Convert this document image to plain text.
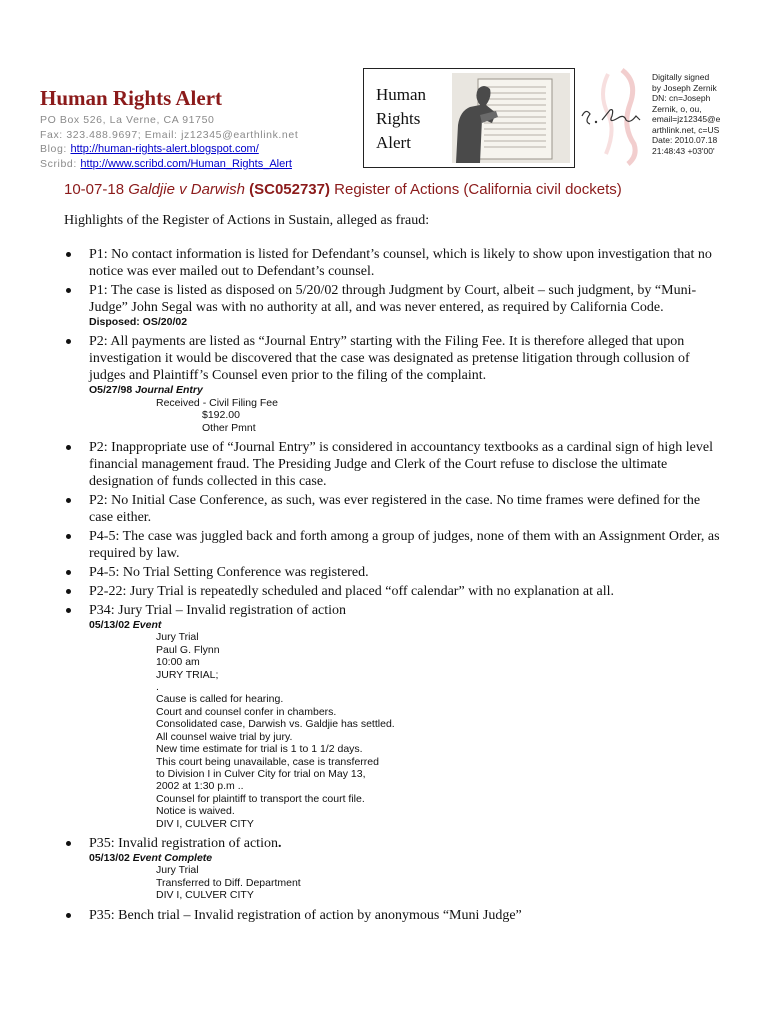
Human Rights Alert
PO Box 526, La Verne, CA 91750
Fax: 323.488.9697; Email: jz12345@earthlink.net
Blog: http://human-rights-alert.blogspot.com/
Scribd: http://www.scribd.com/Human_Rights_Alert
Human
Rights
Alert
Digitally signed
by Joseph Zernik
DN: cn=Joseph
Zernik, o, ou,
email=jz12345@e
arthlink.net, c=US
Date: 2010.07.18
21:48:43 +03'00'
10-07-18 Galdjie v Darwish (SC052737) Register of Actions (California civil dockets)
Highlights of the Register of Actions in Sustain, alleged as fraud:
P1: No contact information is listed for Defendant’s counsel, which is likely to show upon investigation that no notice was ever mailed out to Defendant’s counsel.
P1: The case is listed as disposed on 5/20/02 through Judgment by Court, albeit – such judgment, by “Muni-Judge” John Segal was with no authority at all, and was never entered, as required by California Code.
Disposed: OS/20/02
P2: All payments are listed as “Journal Entry” starting with the Filing Fee. It is therefore alleged that upon investigation it would be discovered that the case was designated as pretense litigation through collusion of judges and Plaintiff’s Counsel even prior to the filing of the complaint.
O5/27/98 Journal Entry
Received - Civil Filing Fee
$192.00
Other Pmnt
P2: Inappropriate use of “Journal Entry” is considered in accountancy textbooks as a cardinal sign of high level financial management fraud. The Presiding Judge and Clerk of the Court refuse to disclose the ultimate designation of funds collected in this case.
P2: No Initial Case Conference, as such, was ever registered in the case. No time frames were defined for the case either.
P4-5: The case was juggled back and forth among a group of judges, none of them with an Assignment Order, as required by law.
P4-5: No Trial Setting Conference was registered.
P2-22: Jury Trial is repeatedly scheduled and placed “off calendar” with no explanation at all.
P34: Jury Trial – Invalid registration of action
05/13/02 Event
Jury Trial
Paul G. Flynn
10:00 am
JURY TRIAL;
.
Cause is called for hearing.
Court and counsel confer in chambers.
Consolidated case, Darwish vs. Galdjie has settled.
All counsel waive trial by jury.
New time estimate for trial is 1 to 1 1/2 days.
This court being unavailable, case is transferred
to Division I in Culver City for trial on May 13,
2002 at 1:30 p.m ..
Counsel for plaintiff to transport the court file.
Notice is waived.
DIV I, CULVER CITY
P35: Invalid registration of action.
05/13/02 Event Complete
Jury Trial
Transferred to Diff. Department
DIV I, CULVER CITY
P35: Bench trial – Invalid registration of action by anonymous “Muni Judge”
